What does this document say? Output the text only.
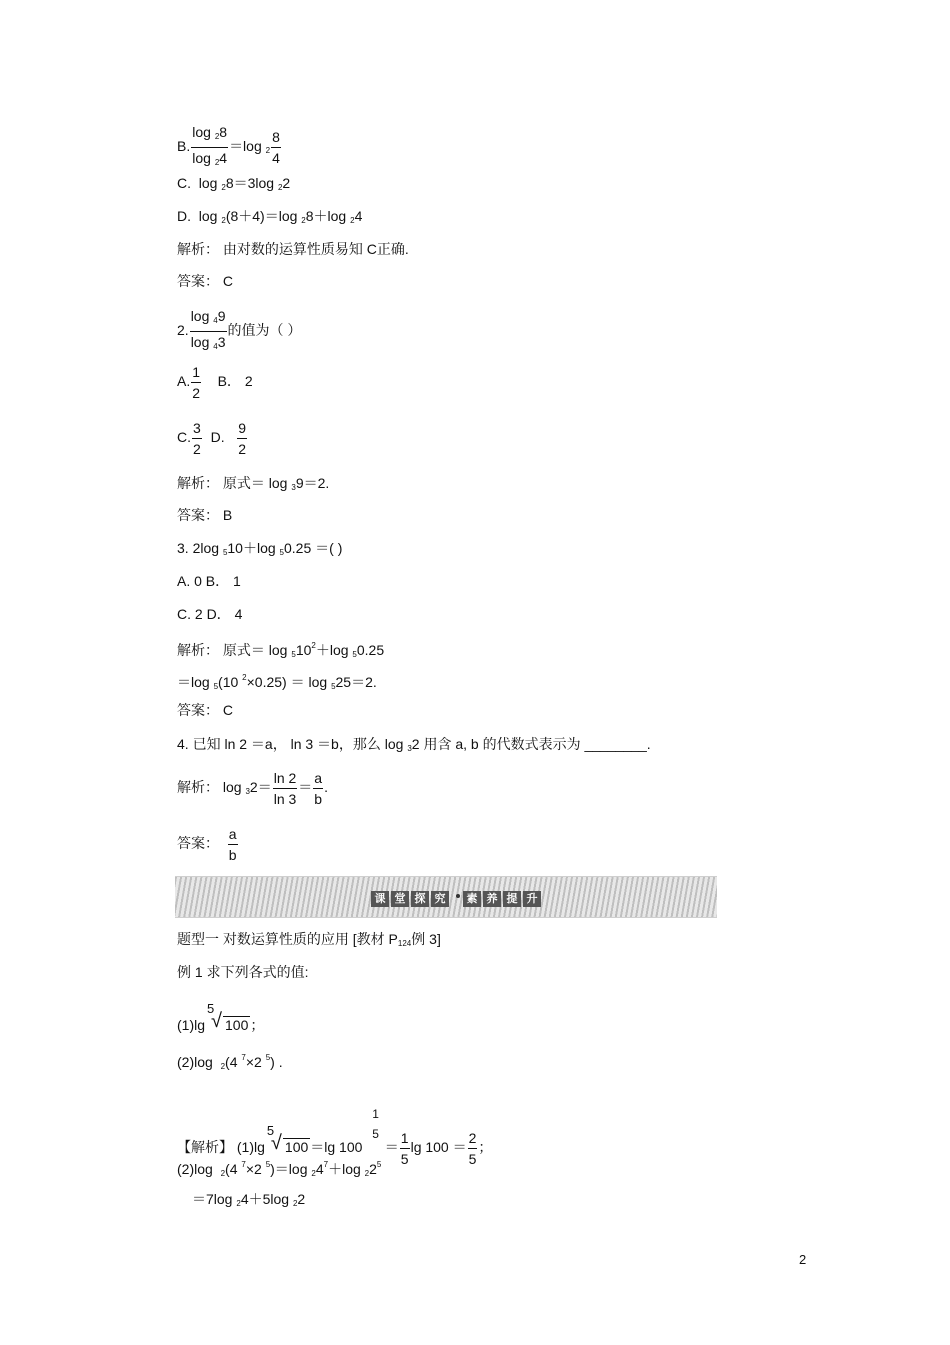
B. $\frac{\log _28}{\log _24} =\log$ $_2 \frac{8}{4}$
C. log $_2$8＝3log $_2$2
D. log $_2$(8＋4)＝log $_2$8＋log $_2$4
解析： 由对数的运算性质易知 C正确.
答案： C
2. $\frac{\log _49}{\log _43}$ 的值为（ ）
A. $\frac{1}{2}$ B． 2
C. $\frac{3}{2} D$. $\frac{9}{2}$
解析： 原式＝ log $_3$9＝2.
答案： B
3. 2log $_5$10＋log $_5$0.25 ＝( )
A. 0 B． 1
C. 2 D． 4
解析： 原式＝ $\log _510^2+\log$ $_5$0.25
＝log $_5$(10 $^2$×0.25) ＝ log $_5$25＝2.
答案： C
4. 已知 ln 2 ＝a， ln 3 ＝b，那么 log $_3$2 用含 a, b 的代数式表示为 ________.
解析： $\log _32= \frac{\ln 2}{\ln 3} = \frac{a}{b}$ .
答案： $\frac{a}{b}$
课 堂 探 究	素 养 提 升
题型一 对数运算性质的应用 [教材 $P_{124}$例 3]
例 1 求下列各式的值:
(1)lg
5
√ 100 ；
(2)log $_2$(4 $^7$×2 $^5$) .
【解析】 (1)lg
5
√ 100 ＝lg 100
1
5
＝ $\frac{1}{5}$ $\lg 100 = \frac{2}{5}$ ；
(2)log $_2$(4 $^7$×2 $^5$)＝log $_24^7+\log$ $_22^5$
＝7log $_2$4＋5log $_2$2
2
